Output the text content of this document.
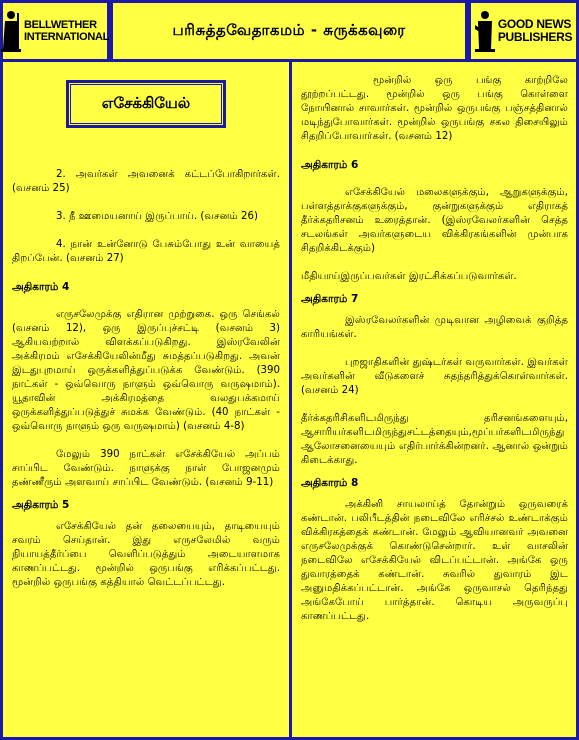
BELLWETHER
INTERNATIONAL	பரிசுத்தவேதாகமம் - சுருக்கவுரை	GOOD NEWS
PUBLISHERS
எசேக்கியேல்

2. அவர்கள் அவனைக் கட்டப்போகிறார்கள். (வசனம் 25)

3. நீ ஊமையனாய் இருப்பாய். (வசனம் 26)

4. நான் உன்னோடு பேசும்போது உன் வாயைத் திறப்பேன். (வசனம் 27)

அதிகாரம் 4

எருசலேமுக்கு எதிரான முற்றுகை. ஒரு செங்கல் (வசனம் 12), ஒரு இருப்புச்சட்டி (வசனம் 3) ஆகியவற்றால் விளக்கப்படுகிறது. இஸ்ரவேலின் அக்கிரமம் எசேக்கியேலின்மீது சுமத்தப்படுகிறது. அவன் இடதுபுறமாய் ஒருக்களித்துப்படுக்க வேண்டும். (390 நாட்கள் - ஒவ்வொரு நாளும் ஒவ்வொரு வருஷமாம்). யூதாவின் அக்கிரமத்தை வலதுபக்கமாய் ஒருக்களித்துப்படுத்துச் சுமக்க வேண்டும். (40 நாட்கள் - ஒவ்வொரு நாளும் ஒரு வருஷமாம்) (வசனம் 4-8)

மேலும் 390 நாட்கள் எசேக்கியேல் அப்பம் சாப்பிட வேண்டும். நாளுக்கு நாள் போஜனமும் தண்ணீரும் அளவாய் சாப்பிட வேண்டும். (வசனம் 9-11)

அதிகாரம் 5

எசேக்கியேல் தன் தலையையும், தாடியையும் சவரம் செய்தான். இது எருசலேமில் வரும் நியாயத்தீர்ப்பை வெளிப்படுத்தும் அடையாளமாக காணப்பட்டது. மூன்றில் ஒருபங்கு எரிக்கப்பட்டது. மூன்றில் ஒருபங்கு கத்தியால் வெட்டப்பட்டது.

மூன்றில் ஒரு பங்கு காற்றிலே தூற்றப்பட்டது. மூன்றில் ஒரு பங்கு கொள்ளை நோயினால் சாவார்கள். மூன்றில் ஒருபங்கு பஞ்சத்தினால் மடிந்துபோவார்கள். மூன்றில் ஒருபங்கு சகல திசையிலும் சிதறிப்போவார்கள். (வசனம் 12)

அதிகாரம் 6

எசேக்கியேல் மலைகளுக்கும், ஆறுகளுக்கும், பள்ளத்தாக்குகளுக்கும், குன்றுகளுக்கும் எதிராகத் தீர்க்கதரிசனம் உரைத்தான். (இஸ்ரவேலர்களின் செத்த சடலங்கள் அவர்களுடைய விக்கிரகங்களின் முன்பாக சிதறிக்கிடக்கும்)

மீதியாய்இருப்பவர்கள் இரட்சிக்கப்படுவார்கள்.

அதிகாரம் 7

இஸ்ரவேலர்களின் முடிவான அழிவைக் குறித்த காரியங்கள்.

புறஜாதிகளின் துஷ்டர்கள் வருவார்கள். இவர்கள் அவர்களின் வீடுகளைச் சுதந்தரித்துக்கொள்வார்கள். (வசனம் 24)

தீர்க்கதரிசிகளிடமிருந்து தரிசனங்களையும், ஆசாரியர்களிடமிருந்துசட்டத்தையும்,மூப்பர்களிடமிருந்து ஆலோசனையையும் எதிர்பார்க்கின்றனர். ஆனால் ஒன்றும் கிடைக்காது.

அதிகாரம் 8

அக்கினி சாயலாய்த் தோன்றும் ஒருவரைக் கண்டான். பலிபீடத்தின் நடைவிலே எரிச்சல் உண்டாக்கும் விக்கிரகத்தைக் கண்டான். மேலும் ஆவியானவர் அவனை எருசலேமுக்குக் கொண்டுசென்றார். உள் வாசலின் நடைவிலே எசேக்கியேல் விடப்பட்டான். அங்கே ஒரு துவாரத்தைக் கண்டான். சுவரில் துவாரம் இட அனுமதிக்கப்பட்டான். அங்கே ஒருவாசல் தெரிந்தது அங்கேபோய் பார்த்தான். கொடிய அருவருப்பு காணப்பட்டது.
